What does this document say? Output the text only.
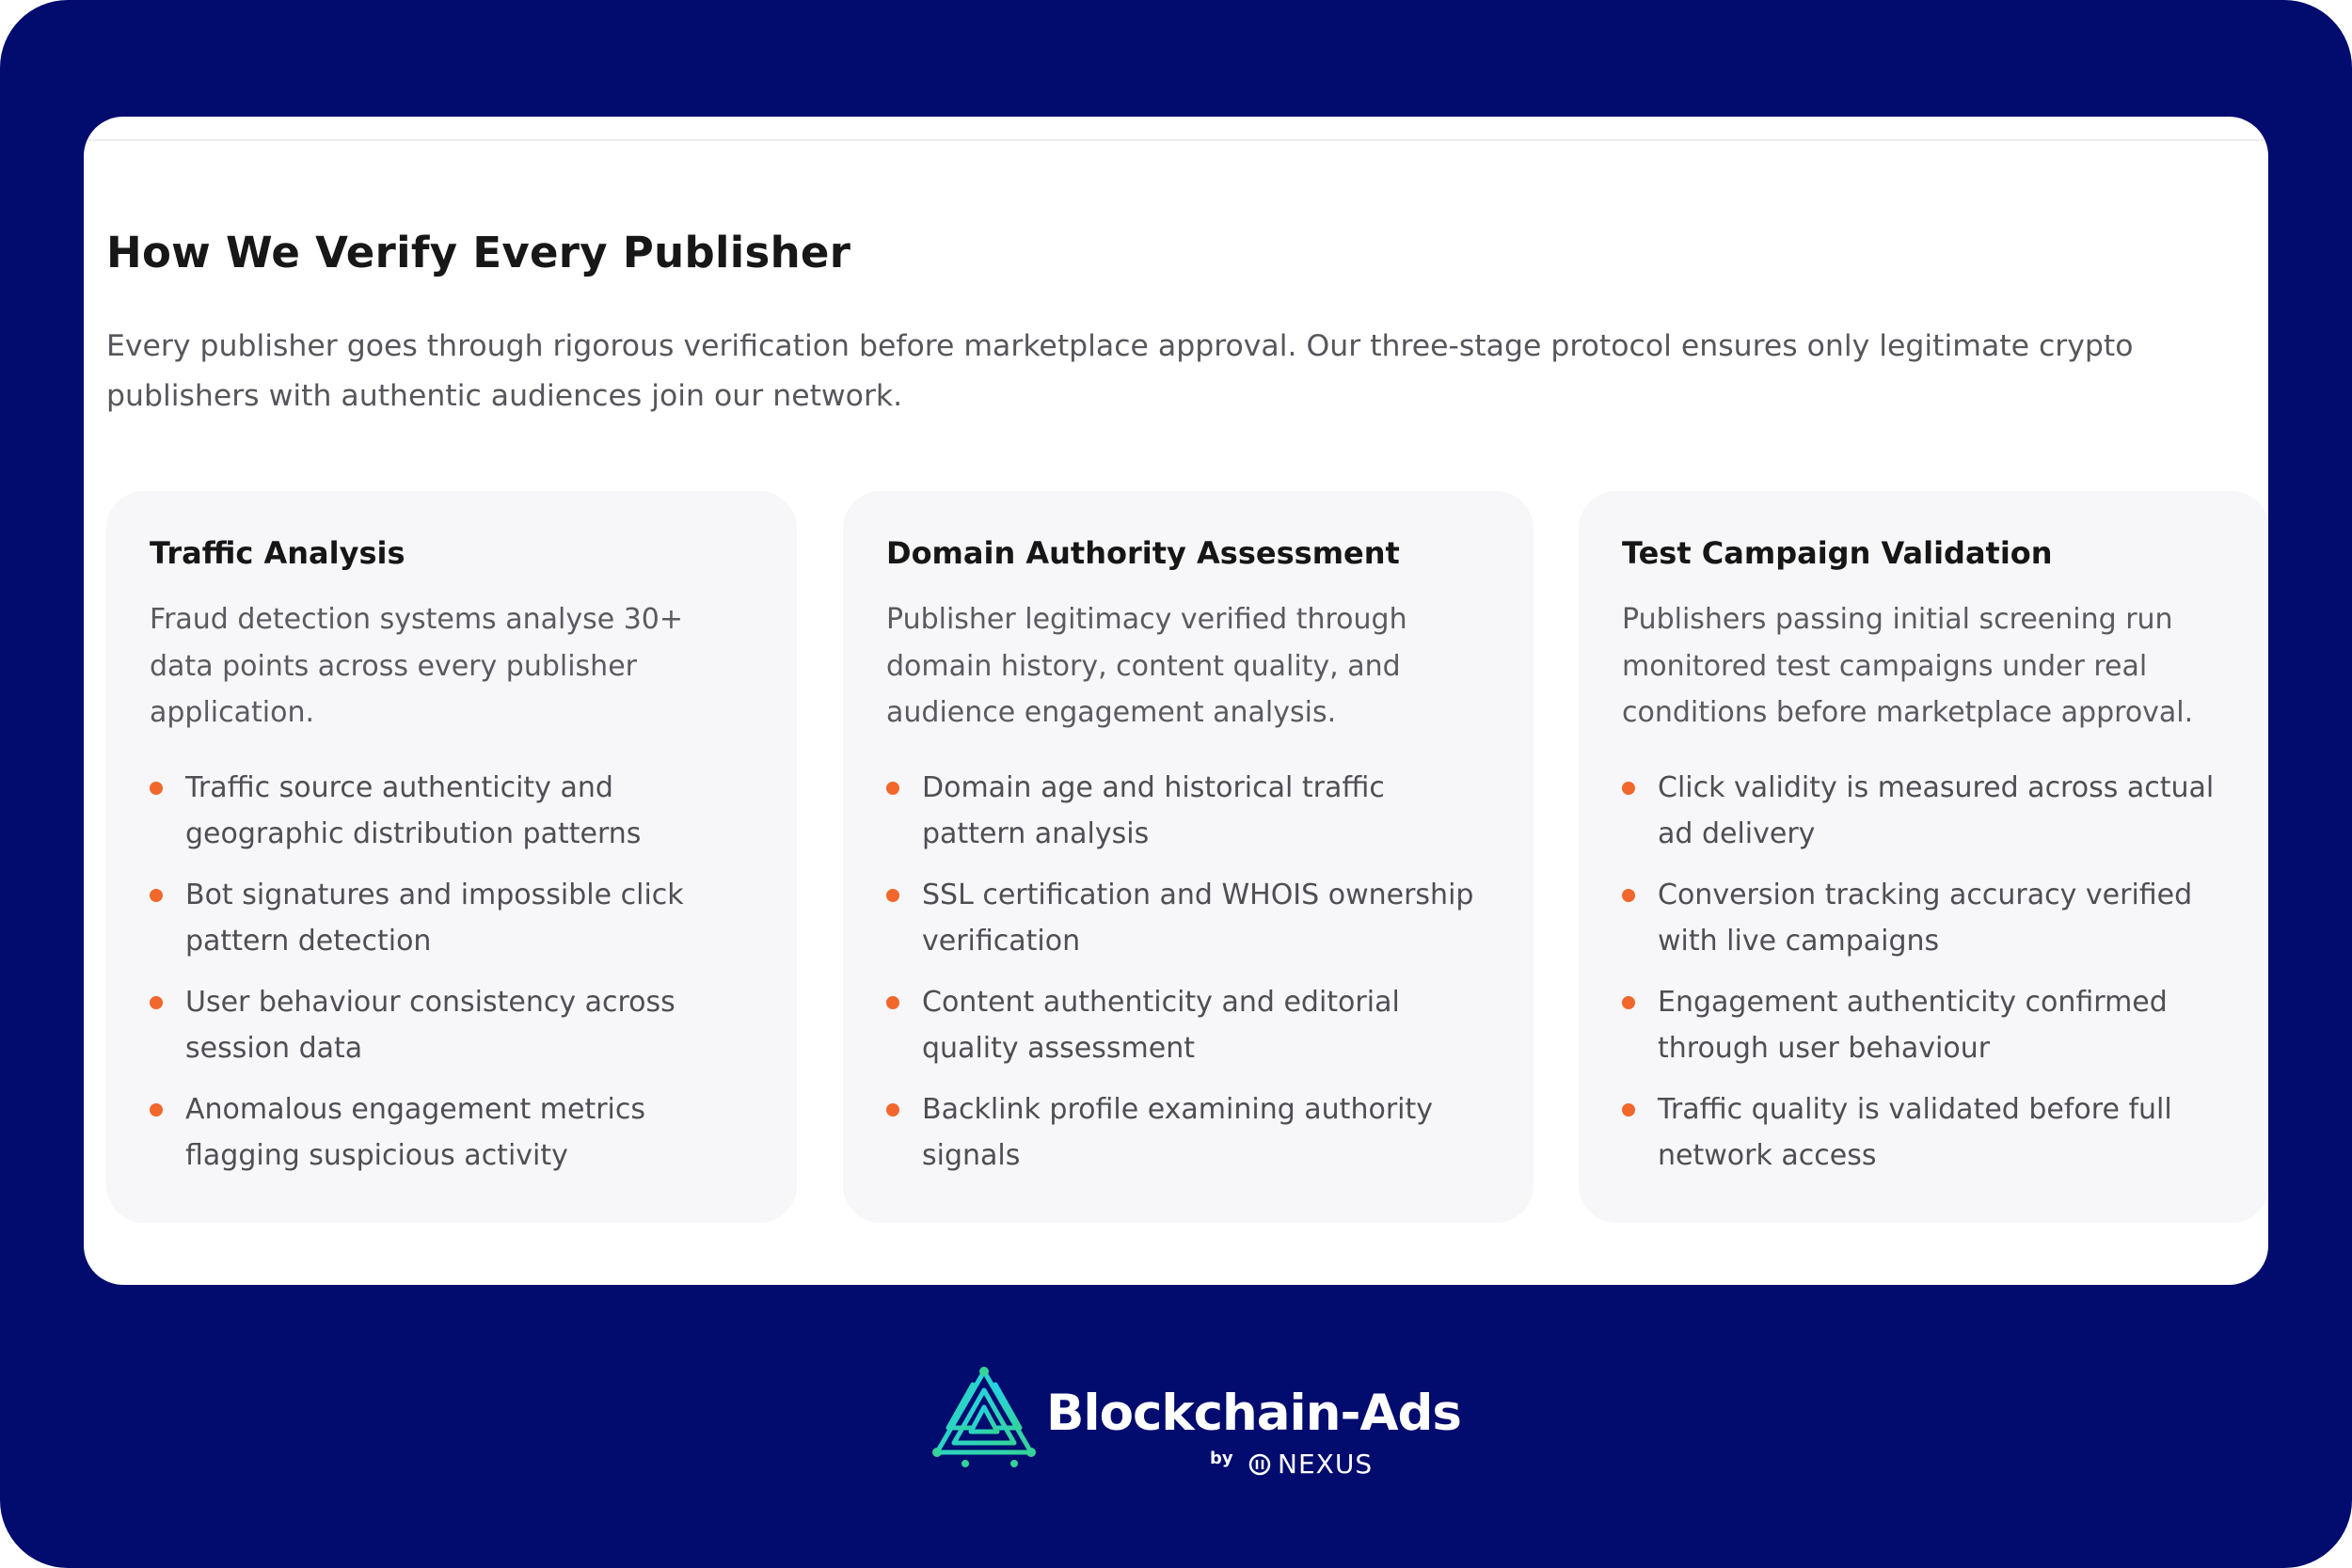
How We Verify Every Publisher

Every publisher goes through rigorous verification before marketplace approval. Our three-stage protocol ensures only legitimate crypto publishers with authentic audiences join our network.

Traffic Analysis

Fraud detection systems analyse 30+ data points across every publisher application.

Traffic source authenticity and geographic distribution patterns
Bot signatures and impossible click pattern detection
User behaviour consistency across session data
Anomalous engagement metrics flagging suspicious activity
Domain Authority Assessment

Publisher legitimacy verified through domain history, content quality, and audience engagement analysis.

Domain age and historical traffic pattern analysis
SSL certification and WHOIS ownership verification
Content authenticity and editorial quality assessment
Backlink profile examining authority signals
Test Campaign Validation

Publishers passing initial screening run monitored test campaigns under real conditions before marketplace approval.

Click validity is measured across actual ad delivery
Conversion tracking accuracy verified with live campaigns
Engagement authenticity confirmed through user behaviour
Traffic quality is validated before full network access
Blockchain-Ads
by NEXUS
